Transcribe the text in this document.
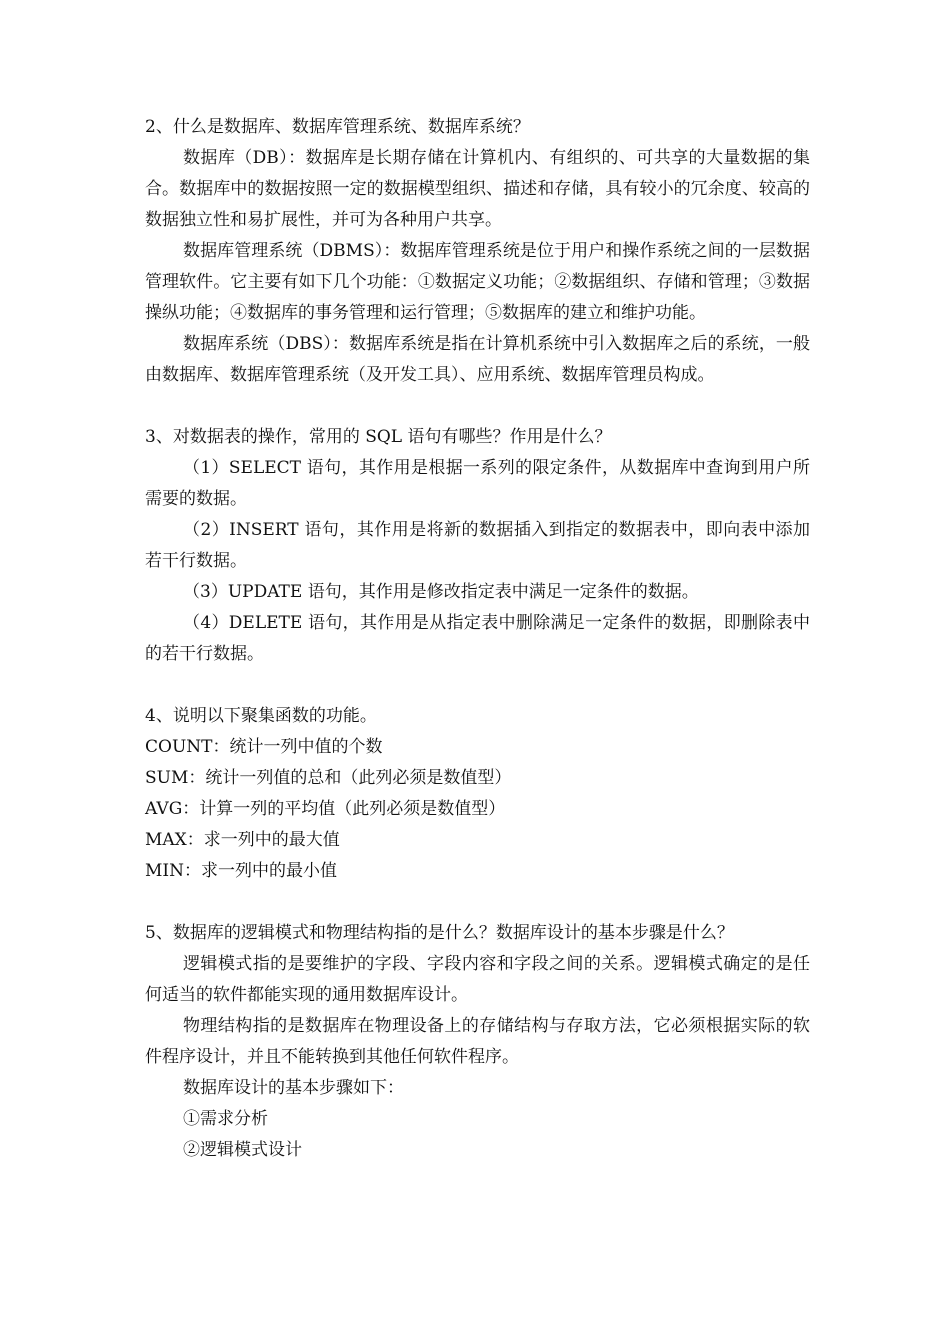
2、什么是数据库、数据库管理系统、数据库系统？
数据库（DB）：数据库是长期存储在计算机内、有组织的、可共享的大量数据的集合。数据库中的数据按照一定的数据模型组织、描述和存储，具有较小的冗余度、较高的数据独立性和易扩展性，并可为各种用户共享。
数据库管理系统（DBMS）：数据库管理系统是位于用户和操作系统之间的一层数据管理软件。它主要有如下几个功能：①数据定义功能；②数据组织、存储和管理；③数据操纵功能；④数据库的事务管理和运行管理；⑤数据库的建立和维护功能。
数据库系统（DBS）：数据库系统是指在计算机系统中引入数据库之后的系统，一般由数据库、数据库管理系统（及开发工具）、应用系统、数据库管理员构成。
3、对数据表的操作，常用的 SQL 语句有哪些？作用是什么？
（1）SELECT 语句，其作用是根据一系列的限定条件，从数据库中查询到用户所需要的数据。
（2）INSERT 语句，其作用是将新的数据插入到指定的数据表中，即向表中添加若干行数据。
（3）UPDATE 语句，其作用是修改指定表中满足一定条件的数据。
（4）DELETE 语句，其作用是从指定表中删除满足一定条件的数据，即删除表中的若干行数据。
4、说明以下聚集函数的功能。
COUNT：统计一列中值的个数
SUM：统计一列值的总和（此列必须是数值型）
AVG：计算一列的平均值（此列必须是数值型）
MAX：求一列中的最大值
MIN：求一列中的最小值
5、数据库的逻辑模式和物理结构指的是什么？数据库设计的基本步骤是什么？
逻辑模式指的是要维护的字段、字段内容和字段之间的关系。逻辑模式确定的是任何适当的软件都能实现的通用数据库设计。
物理结构指的是数据库在物理设备上的存储结构与存取方法，它必须根据实际的软件程序设计，并且不能转换到其他任何软件程序。
数据库设计的基本步骤如下：
①需求分析
②逻辑模式设计
